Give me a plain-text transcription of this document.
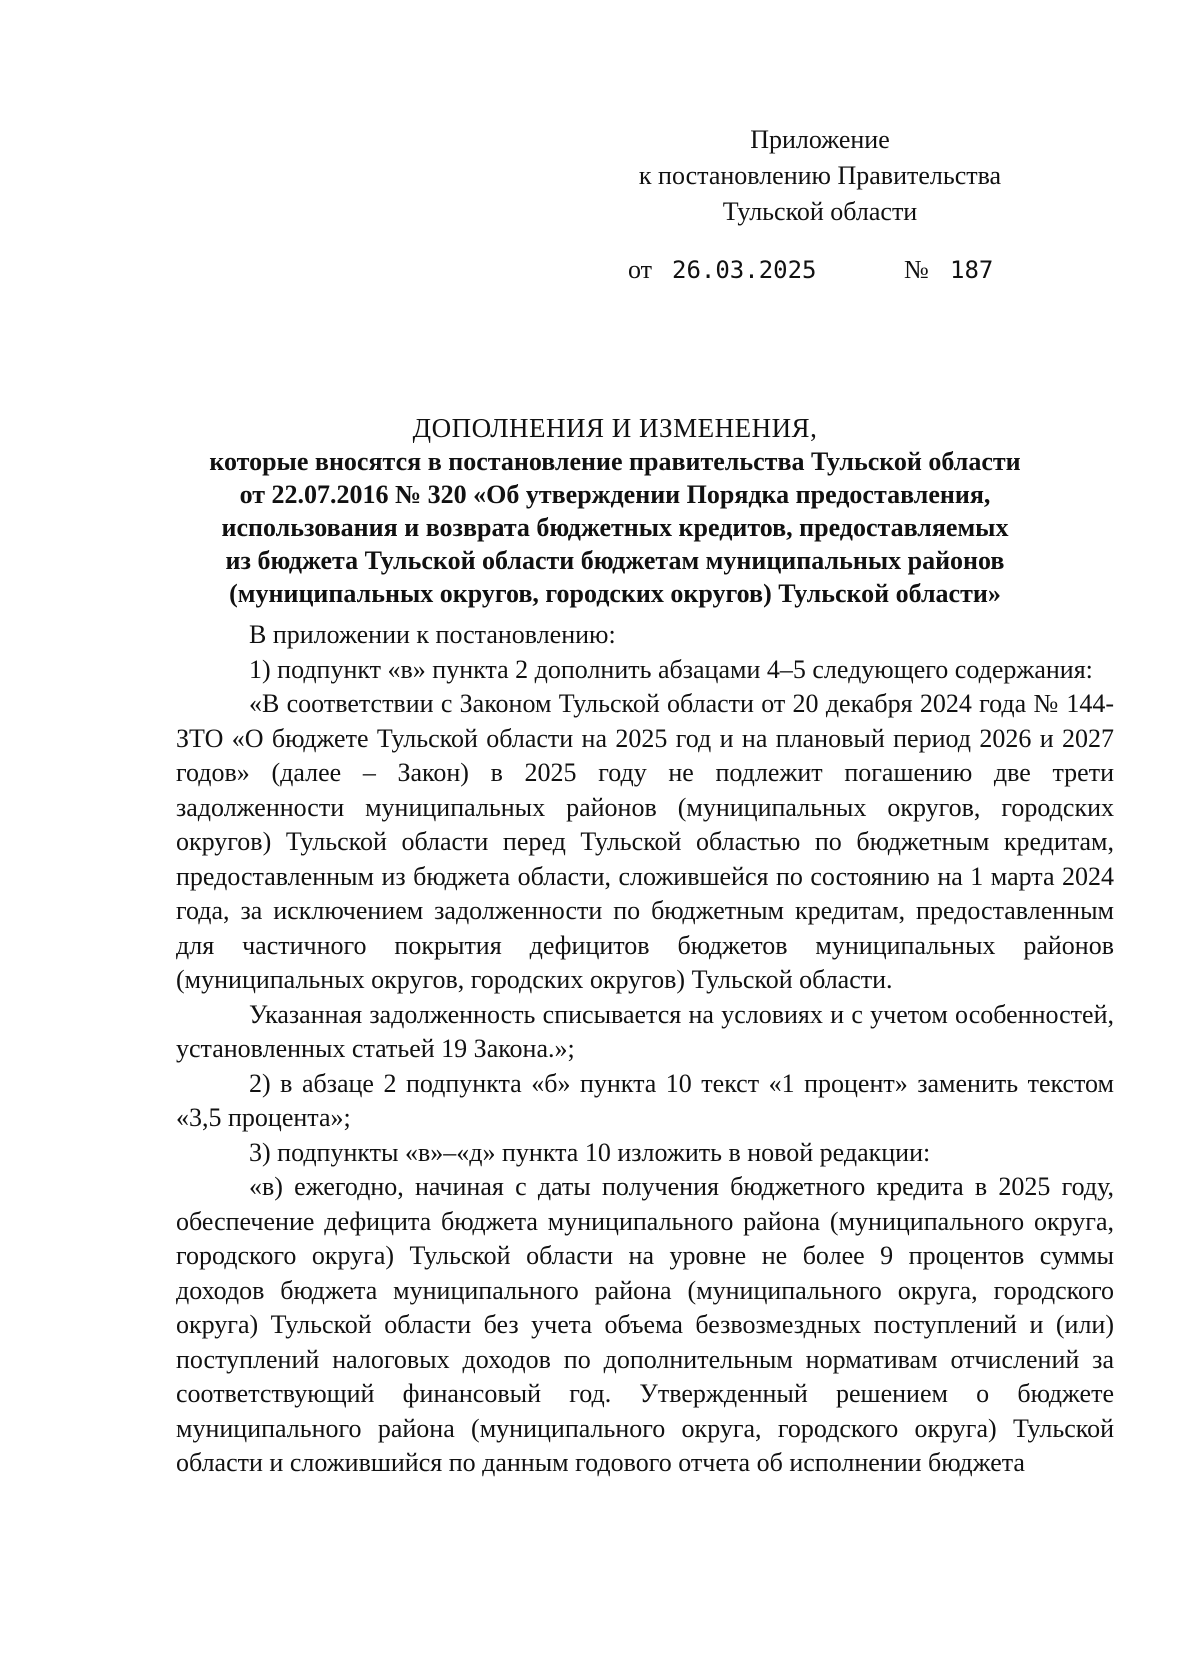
Приложение
к постановлению Правительства
Тульской области
от 26.03.2025	№ 187
ДОПОЛНЕНИЯ И ИЗМЕНЕНИЯ,
которые вносятся в постановление правительства Тульской области
от 22.07.2016 № 320 «Об утверждении Порядка предоставления,
использования и возврата бюджетных кредитов, предоставляемых
из бюджета Тульской области бюджетам муниципальных районов
(муниципальных округов, городских округов) Тульской области»

В приложении к постановлению:

1) подпункт «в» пункта 2 дополнить абзацами 4–5 следующего содержания:

«В соответствии с Законом Тульской области от 20 декабря 2024 года № 144-ЗТО «О бюджете Тульской области на 2025 год и на плановый период 2026 и 2027 годов» (далее – Закон) в 2025 году не подлежит погашению две трети задолженности муниципальных районов (муниципальных округов, городских округов) Тульской области перед Тульской областью по бюджетным кредитам, предоставленным из бюджета области, сложившейся по состоянию на 1 марта 2024 года, за исключением задолженности по бюджетным кредитам, предоставленным для частичного покрытия дефицитов бюджетов муниципальных районов (муниципальных округов, городских округов) Тульской области.

Указанная задолженность списывается на условиях и с учетом особенностей, установленных статьей 19 Закона.»;

2) в абзаце 2 подпункта «б» пункта 10 текст «1 процент» заменить текстом «3,5 процента»;

3) подпункты «в»–«д» пункта 10 изложить в новой редакции:

«в) ежегодно, начиная с даты получения бюджетного кредита в 2025 году, обеспечение дефицита бюджета муниципального района (муниципального округа, городского округа) Тульской области на уровне не более 9 процентов суммы доходов бюджета муниципального района (муниципального округа, городского округа) Тульской области без учета объема безвозмездных поступлений и (или) поступлений налоговых доходов по дополнительным нормативам отчислений за соответствующий финансовый год. Утвержденный решением о бюджете муниципального района (муниципального округа, городского округа) Тульской области и сложившийся по данным годового отчета об исполнении бюджета
